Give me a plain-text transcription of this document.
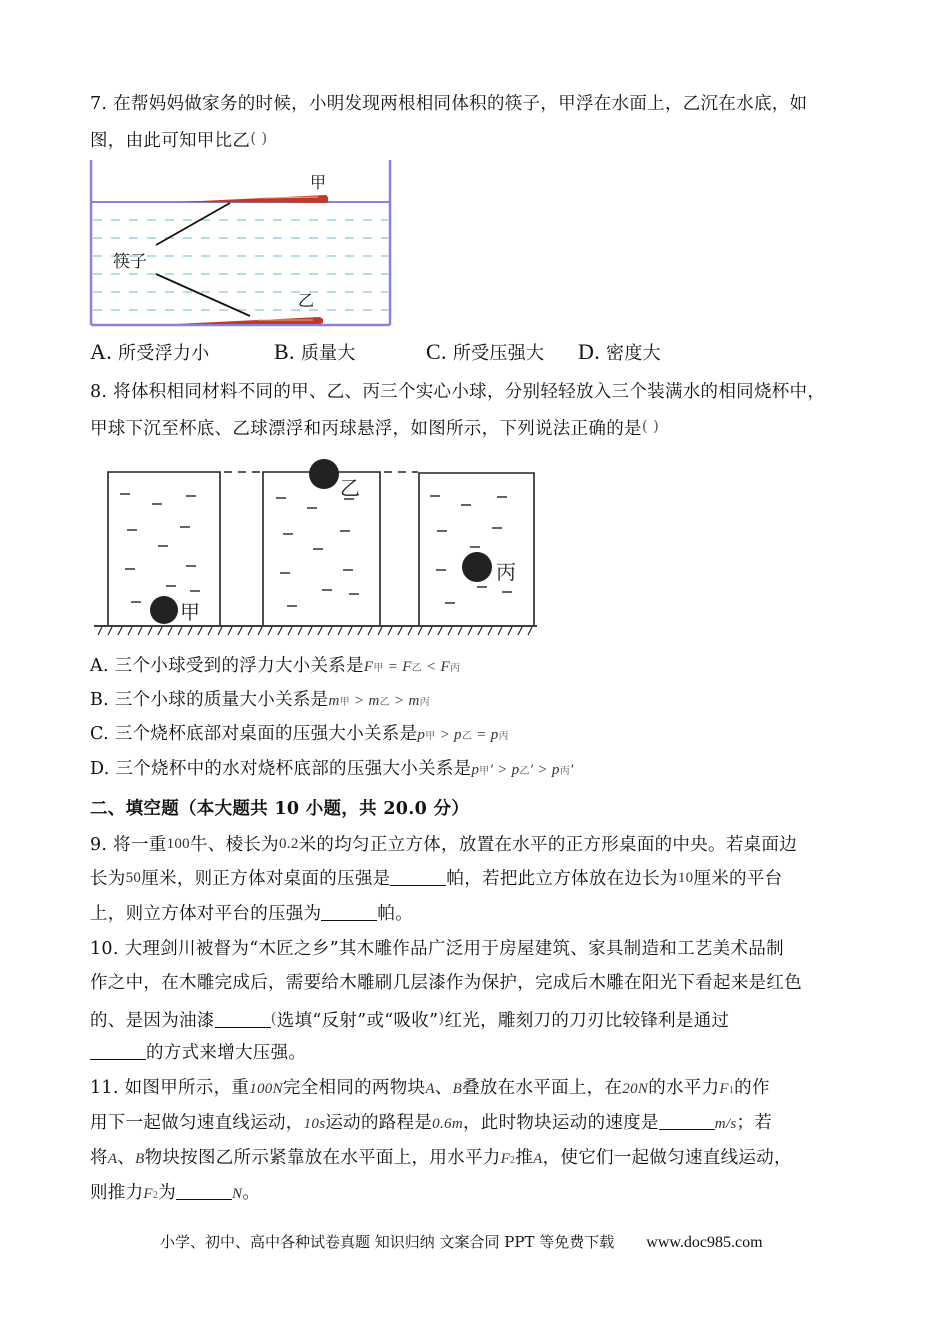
7. 在帮妈妈做家务的时候，小明发现两根相同体积的筷子，甲浮在水面上，乙沉在水底，如
图，由此可知甲比乙( )
甲
乙
筷子
A. 所受浮力小	B. 质量大	C. 所受压强大 D. 密度大
8. 将体积相同材料不同的甲、乙、丙三个实心小球，分别轻轻放入三个装满水的相同烧杯中，
甲球下沉至杯底、乙球漂浮和丙球悬浮，如图所示，下列说法正确的是( )
甲
乙
丙
A. 三个小球受到的浮力大小关系是F甲 = F乙 < F丙
B. 三个小球的质量大小关系是m甲 > m乙 > m丙
C. 三个烧杯底部对桌面的压强大小关系是p甲 > p乙 = p丙
D. 三个烧杯中的水对烧杯底部的压强大小关系是p甲′ > p乙′ > p丙′
二、填空题（本大题共 10 小题，共 20.0 分）
9. 将一重100牛、棱长为0.2米的均匀正立方体，放置在水平的正方形桌面的中央。若桌面边
长为50厘米，则正方体对桌面的压强是	帕，若把此立方体放在边长为10厘米的平台
上，则立方体对平台的压强为	帕。
10. 大理剑川被督为“木匠之乡”其木雕作品广泛用于房屋建筑、家具制造和工艺美术品制
作之中，在木雕完成后，需要给木雕刷几层漆作为保护，完成后木雕在阳光下看起来是红色
的、是因为油漆	(选填“反射”或“吸收”)红光，雕刻刀的刀刃比较锋利是通过
的方式来增大压强。
11. 如图甲所示，重100N完全相同的两物块A、B叠放在水平面上，在20N的水平力F1的作
用下一起做匀速直线运动，10s运动的路程是0.6m，此时物块运动的速度是	m/s；若
将A、B物块按图乙所示紧靠放在水平面上，用水平力F2推A，使它们一起做匀速直线运动，
则推力F2为	N。
小学、初中、高中各种试卷真题 知识归纳 文案合同 PPT 等免费下载 www.doc985.com
